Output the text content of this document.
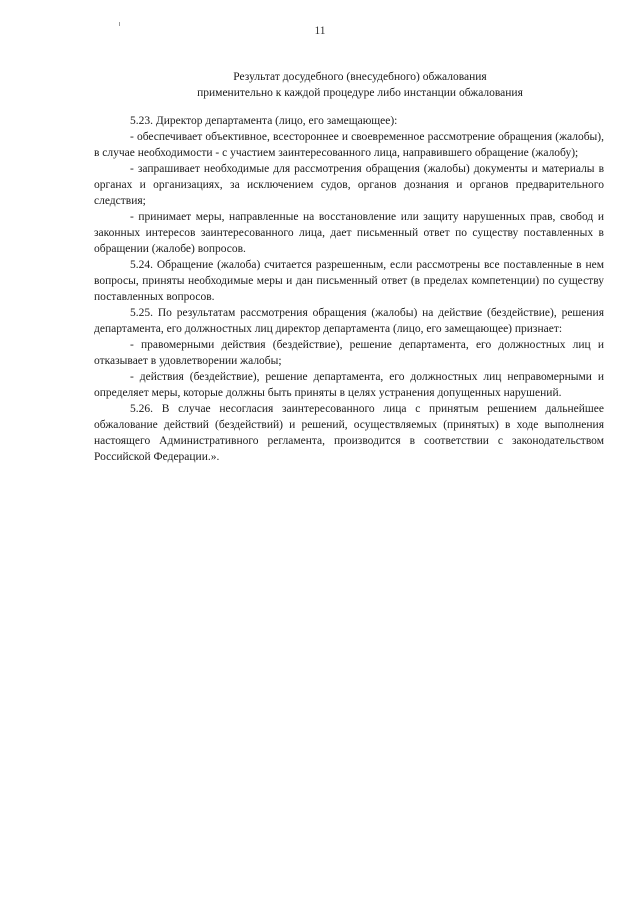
11
Результат досудебного (внесудебного) обжалования
применительно к каждой процедуре либо инстанции обжалования

5.23. Директор департамента (лицо, его замещающее):

- обеспечивает объективное, всестороннее и своевременное рассмотрение обращения (жалобы), в случае необходимости - с участием заинтересованного лица, направившего обращение (жалобу);

- запрашивает необходимые для рассмотрения обращения (жалобы) документы и материалы в органах и организациях, за исключением судов, органов дознания и органов предварительного следствия;

- принимает меры, направленные на восстановление или защиту нарушенных прав, свобод и законных интересов заинтересованного лица, дает письменный ответ по существу поставленных в обращении (жалобе) вопросов.

5.24. Обращение (жалоба) считается разрешенным, если рассмотрены все поставленные в нем вопросы, приняты необходимые меры и дан письменный ответ (в пределах компетенции) по существу поставленных вопросов.

5.25. По результатам рассмотрения обращения (жалобы) на действие (бездействие), решения департамента, его должностных лиц директор департамента (лицо, его замещающее) признает:

- правомерными действия (бездействие), решение департамента, его должностных лиц и отказывает в удовлетворении жалобы;

- действия (бездействие), решение департамента, его должностных лиц неправомерными и определяет меры, которые должны быть приняты в целях устранения допущенных нарушений.

5.26. В случае несогласия заинтересованного лица с принятым решением дальнейшее обжалование действий (бездействий) и решений, осуществляемых (принятых) в ходе выполнения настоящего Административного регламента, производится в соответствии с законодательством Российской Федерации.».
